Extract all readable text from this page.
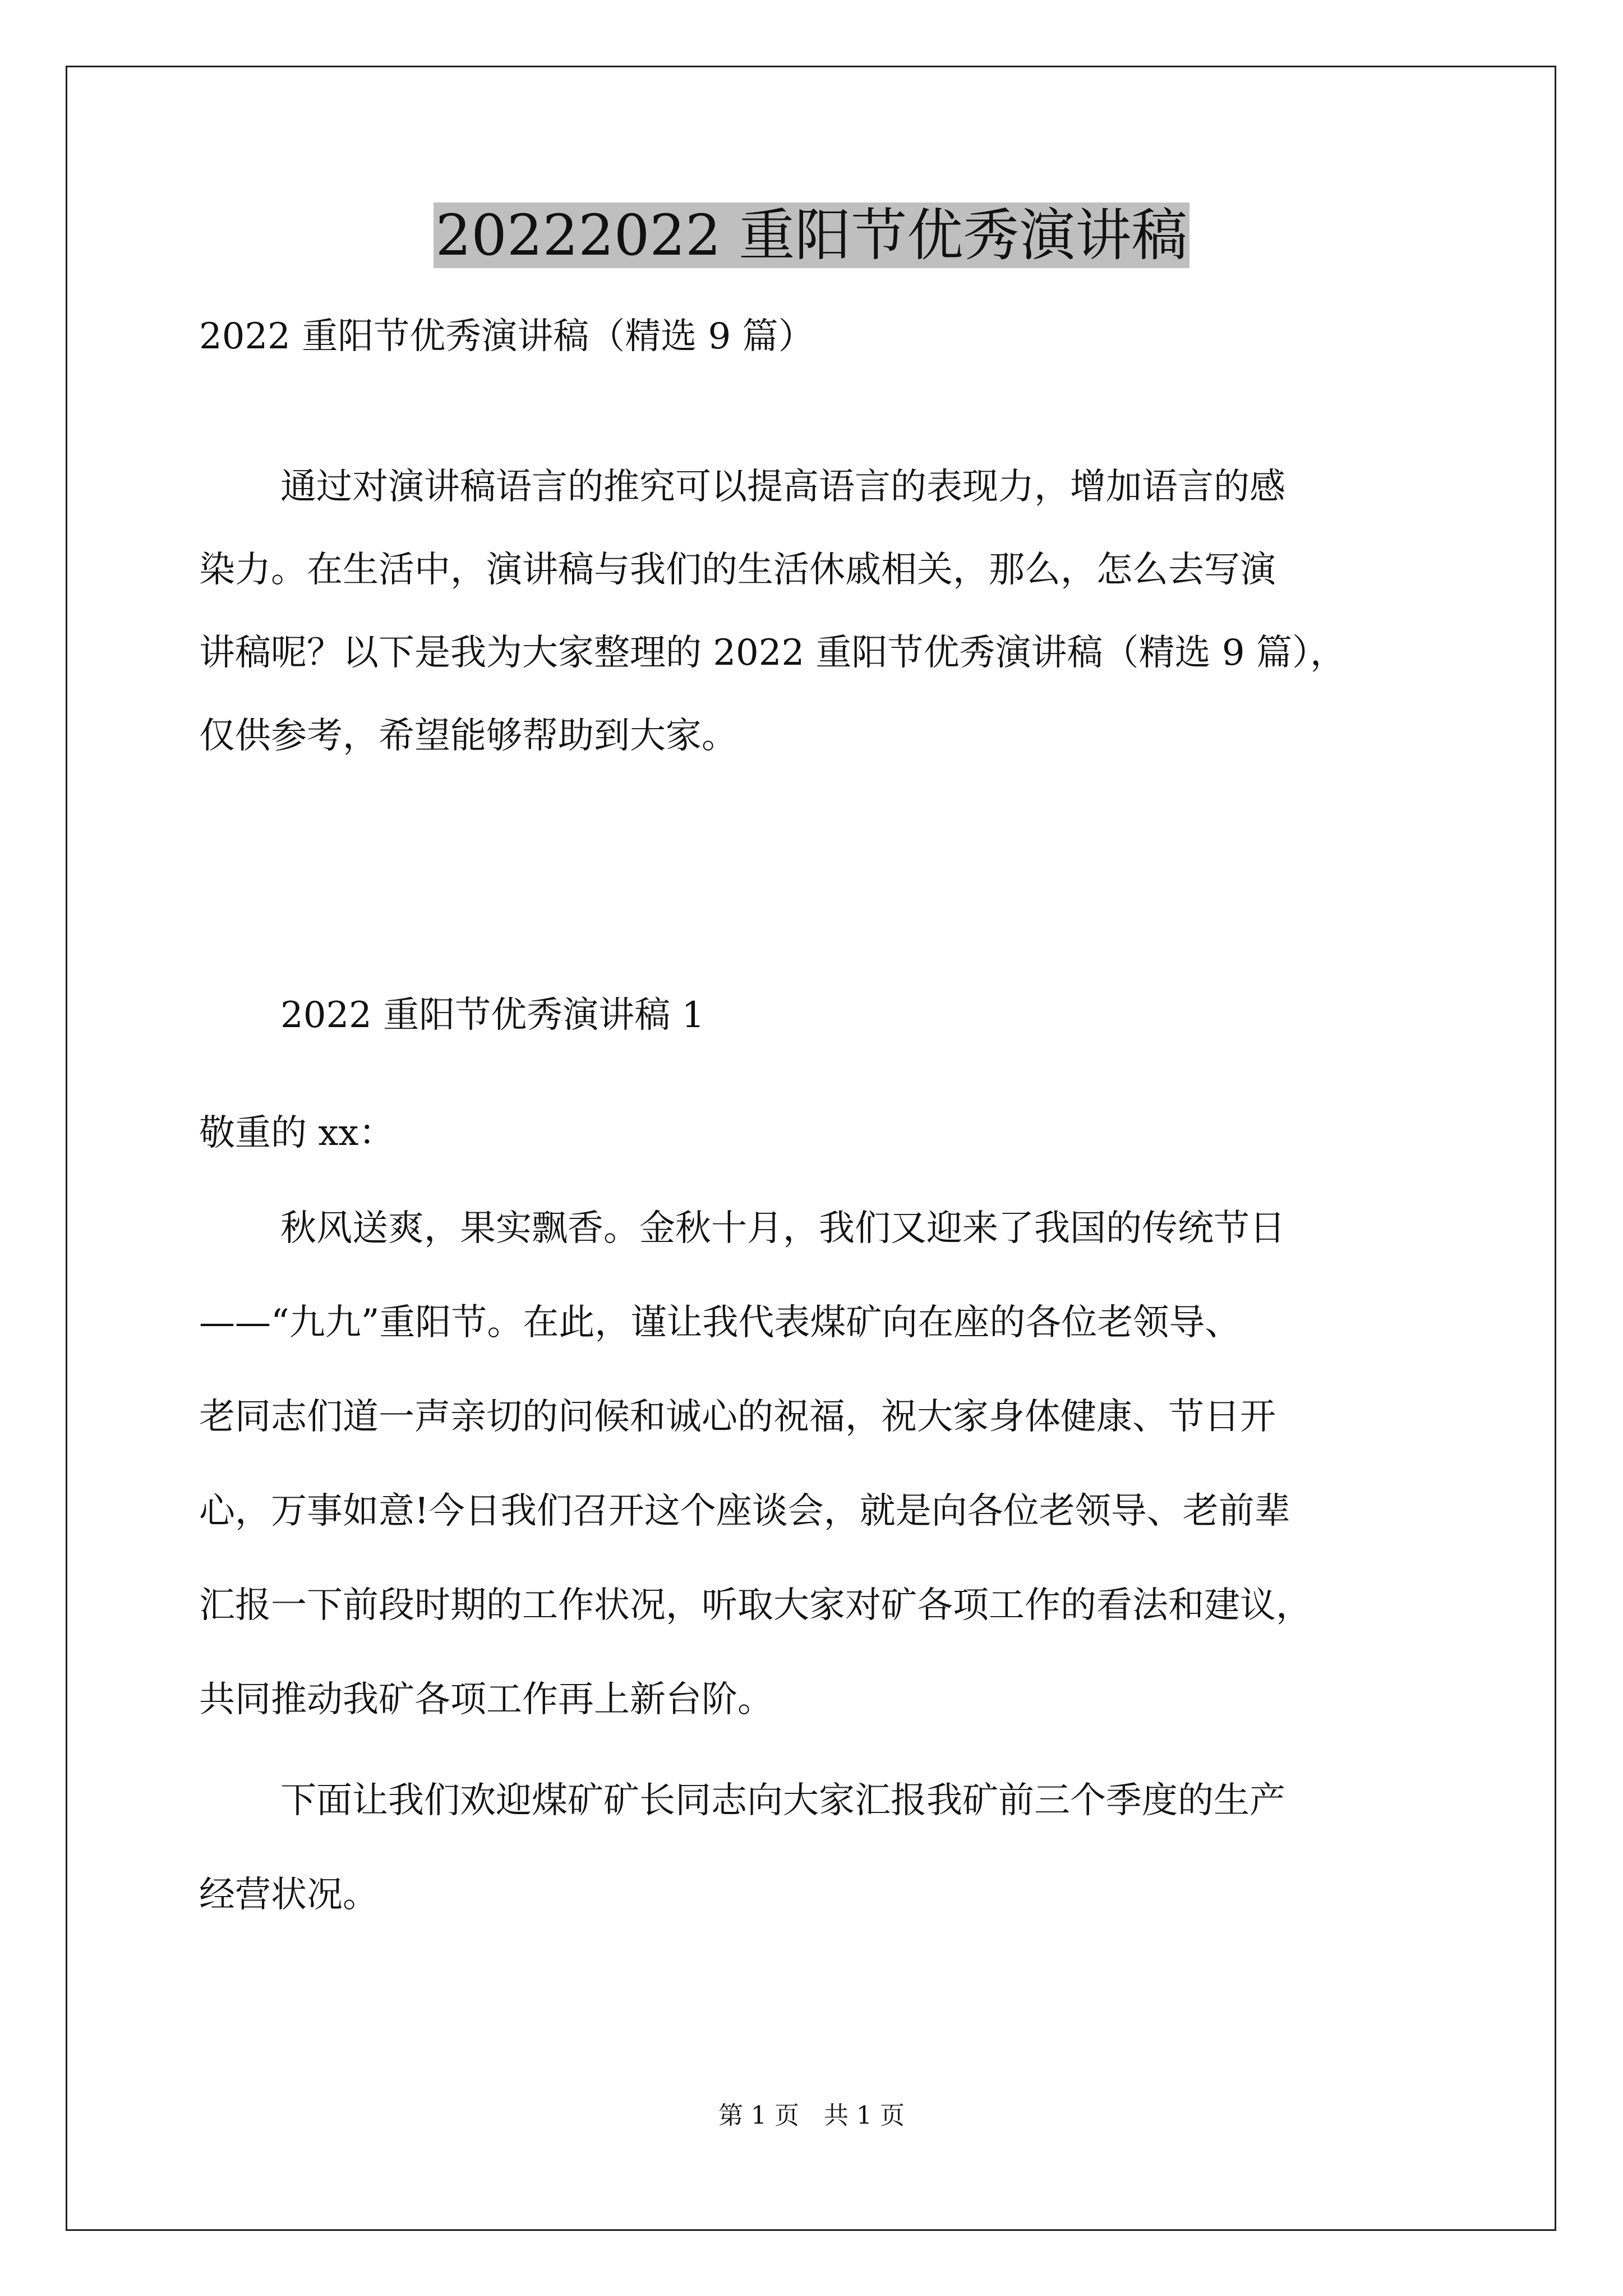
20222022 重阳节优秀演讲稿
2022 重阳节优秀演讲稿（精选 9 篇）
通过对演讲稿语言的推究可以提高语言的表现力，增加语言的感
染力。在生活中，演讲稿与我们的生活休戚相关，那么，怎么去写演
讲稿呢？以下是我为大家整理的 2022 重阳节优秀演讲稿（精选 9 篇），
仅供参考，希望能够帮助到大家。
2022 重阳节优秀演讲稿 1
敬重的 xx：
秋风送爽，果实飘香。金秋十月，我们又迎来了我国的传统节日
——“九九”重阳节。在此，谨让我代表煤矿向在座的各位老领导、
老同志们道一声亲切的问候和诚心的祝福，祝大家身体健康、节日开
心，万事如意!今日我们召开这个座谈会，就是向各位老领导、老前辈
汇报一下前段时期的工作状况，听取大家对矿各项工作的看法和建议，
共同推动我矿各项工作再上新台阶。
下面让我们欢迎煤矿矿长同志向大家汇报我矿前三个季度的生产
经营状况。
第 1 页　共 1 页
